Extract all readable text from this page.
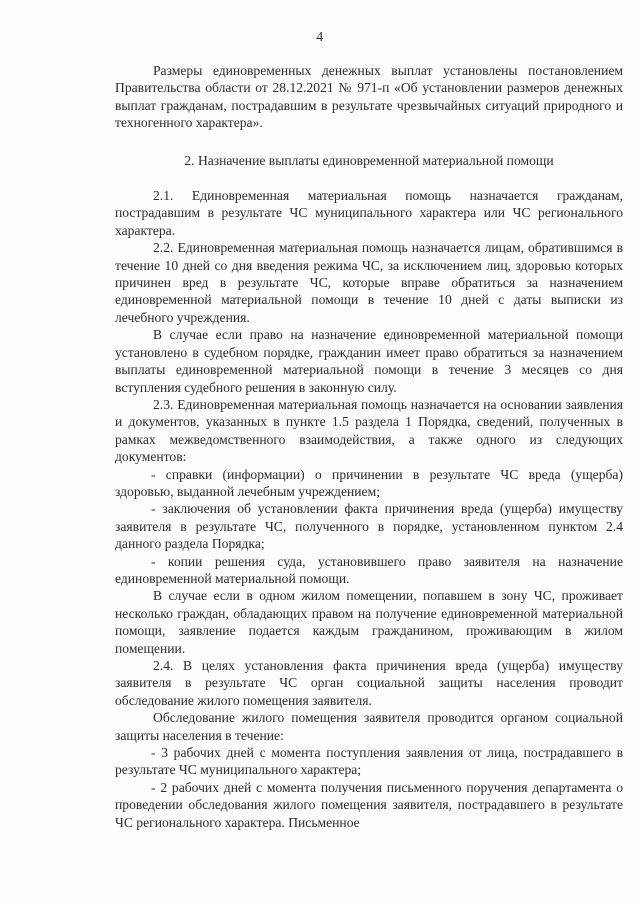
4

Размеры единовременных денежных выплат установлены постановлением Правительства области от 28.12.2021 № 971-п «Об установлении размеров денежных выплат гражданам, пострадавшим в результате чрезвычайных ситуаций природного и техногенного характера».

2. Назначение выплаты единовременной материальной помощи

2.1. Единовременная материальная помощь назначается гражданам, пострадавшим в результате ЧС муниципального характера или ЧС регионального характера.

2.2. Единовременная материальная помощь назначается лицам, обратившимся в течение 10 дней со дня введения режима ЧС, за исключением лиц, здоровью которых причинен вред в результате ЧС, которые вправе обратиться за назначением единовременной материальной помощи в течение 10 дней с даты выписки из лечебного учреждения.

В случае если право на назначение единовременной материальной помощи установлено в судебном порядке, гражданин имеет право обратиться за назначением выплаты единовременной материальной помощи в течение 3 месяцев со дня вступления судебного решения в законную силу.

2.3. Единовременная материальная помощь назначается на основании заявления и документов, указанных в пункте 1.5 раздела 1 Порядка, сведений, полученных в рамках межведомственного взаимодействия, а также одного из следующих документов:

- справки (информации) о причинении в результате ЧС вреда (ущерба) здоровью, выданной лечебным учреждением;

- заключения об установлении факта причинения вреда (ущерба) имуществу заявителя в результате ЧС, полученного в порядке, установленном пунктом 2.4 данного раздела Порядка;

- копии решения суда, установившего право заявителя на назначение единовременной материальной помощи.

В случае если в одном жилом помещении, попавшем в зону ЧС, проживает несколько граждан, обладающих правом на получение единовременной материальной помощи, заявление подается каждым гражданином, проживающим в жилом помещении.

2.4. В целях установления факта причинения вреда (ущерба) имуществу заявителя в результате ЧС орган социальной защиты населения проводит обследование жилого помещения заявителя.

Обследование жилого помещения заявителя проводится органом социальной защиты населения в течение:

- 3 рабочих дней с момента поступления заявления от лица, пострадавшего в результате ЧС муниципального характера;

- 2 рабочих дней с момента получения письменного поручения департамента о проведении обследования жилого помещения заявителя, пострадавшего в результате ЧС регионального характера. Письменное
